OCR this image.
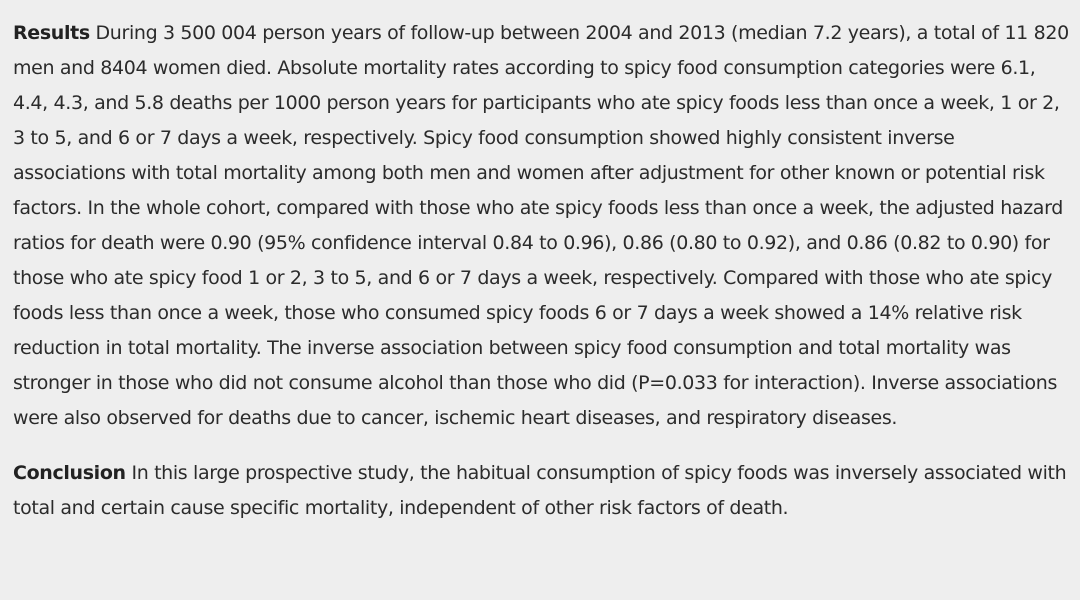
Results During 3 500 004 person years of follow-up between 2004 and 2013 (median 7.2 years), a total of 11 820 men and 8404 women died. Absolute mortality rates according to spicy food consumption categories were 6.1, 4.4, 4.3, and 5.8 deaths per 1000 person years for participants who ate spicy foods less than once a week, 1 or 2, 3 to 5, and 6 or 7 days a week, respectively. Spicy food consumption showed highly consistent inverse associations with total mortality among both men and women after adjustment for other known or potential risk factors. In the whole cohort, compared with those who ate spicy foods less than once a week, the adjusted hazard ratios for death were 0.90 (95% confidence interval 0.84 to 0.96), 0.86 (0.80 to 0.92), and 0.86 (0.82 to 0.90) for those who ate spicy food 1 or 2, 3 to 5, and 6 or 7 days a week, respectively. Compared with those who ate spicy foods less than once a week, those who consumed spicy foods 6 or 7 days a week showed a 14% relative risk reduction in total mortality. The inverse association between spicy food consumption and total mortality was stronger in those who did not consume alcohol than those who did (P=0.033 for interaction). Inverse associations were also observed for deaths due to cancer, ischemic heart diseases, and respiratory diseases.

Conclusion In this large prospective study, the habitual consumption of spicy foods was inversely associated with total and certain cause specific mortality, independent of other risk factors of death.
